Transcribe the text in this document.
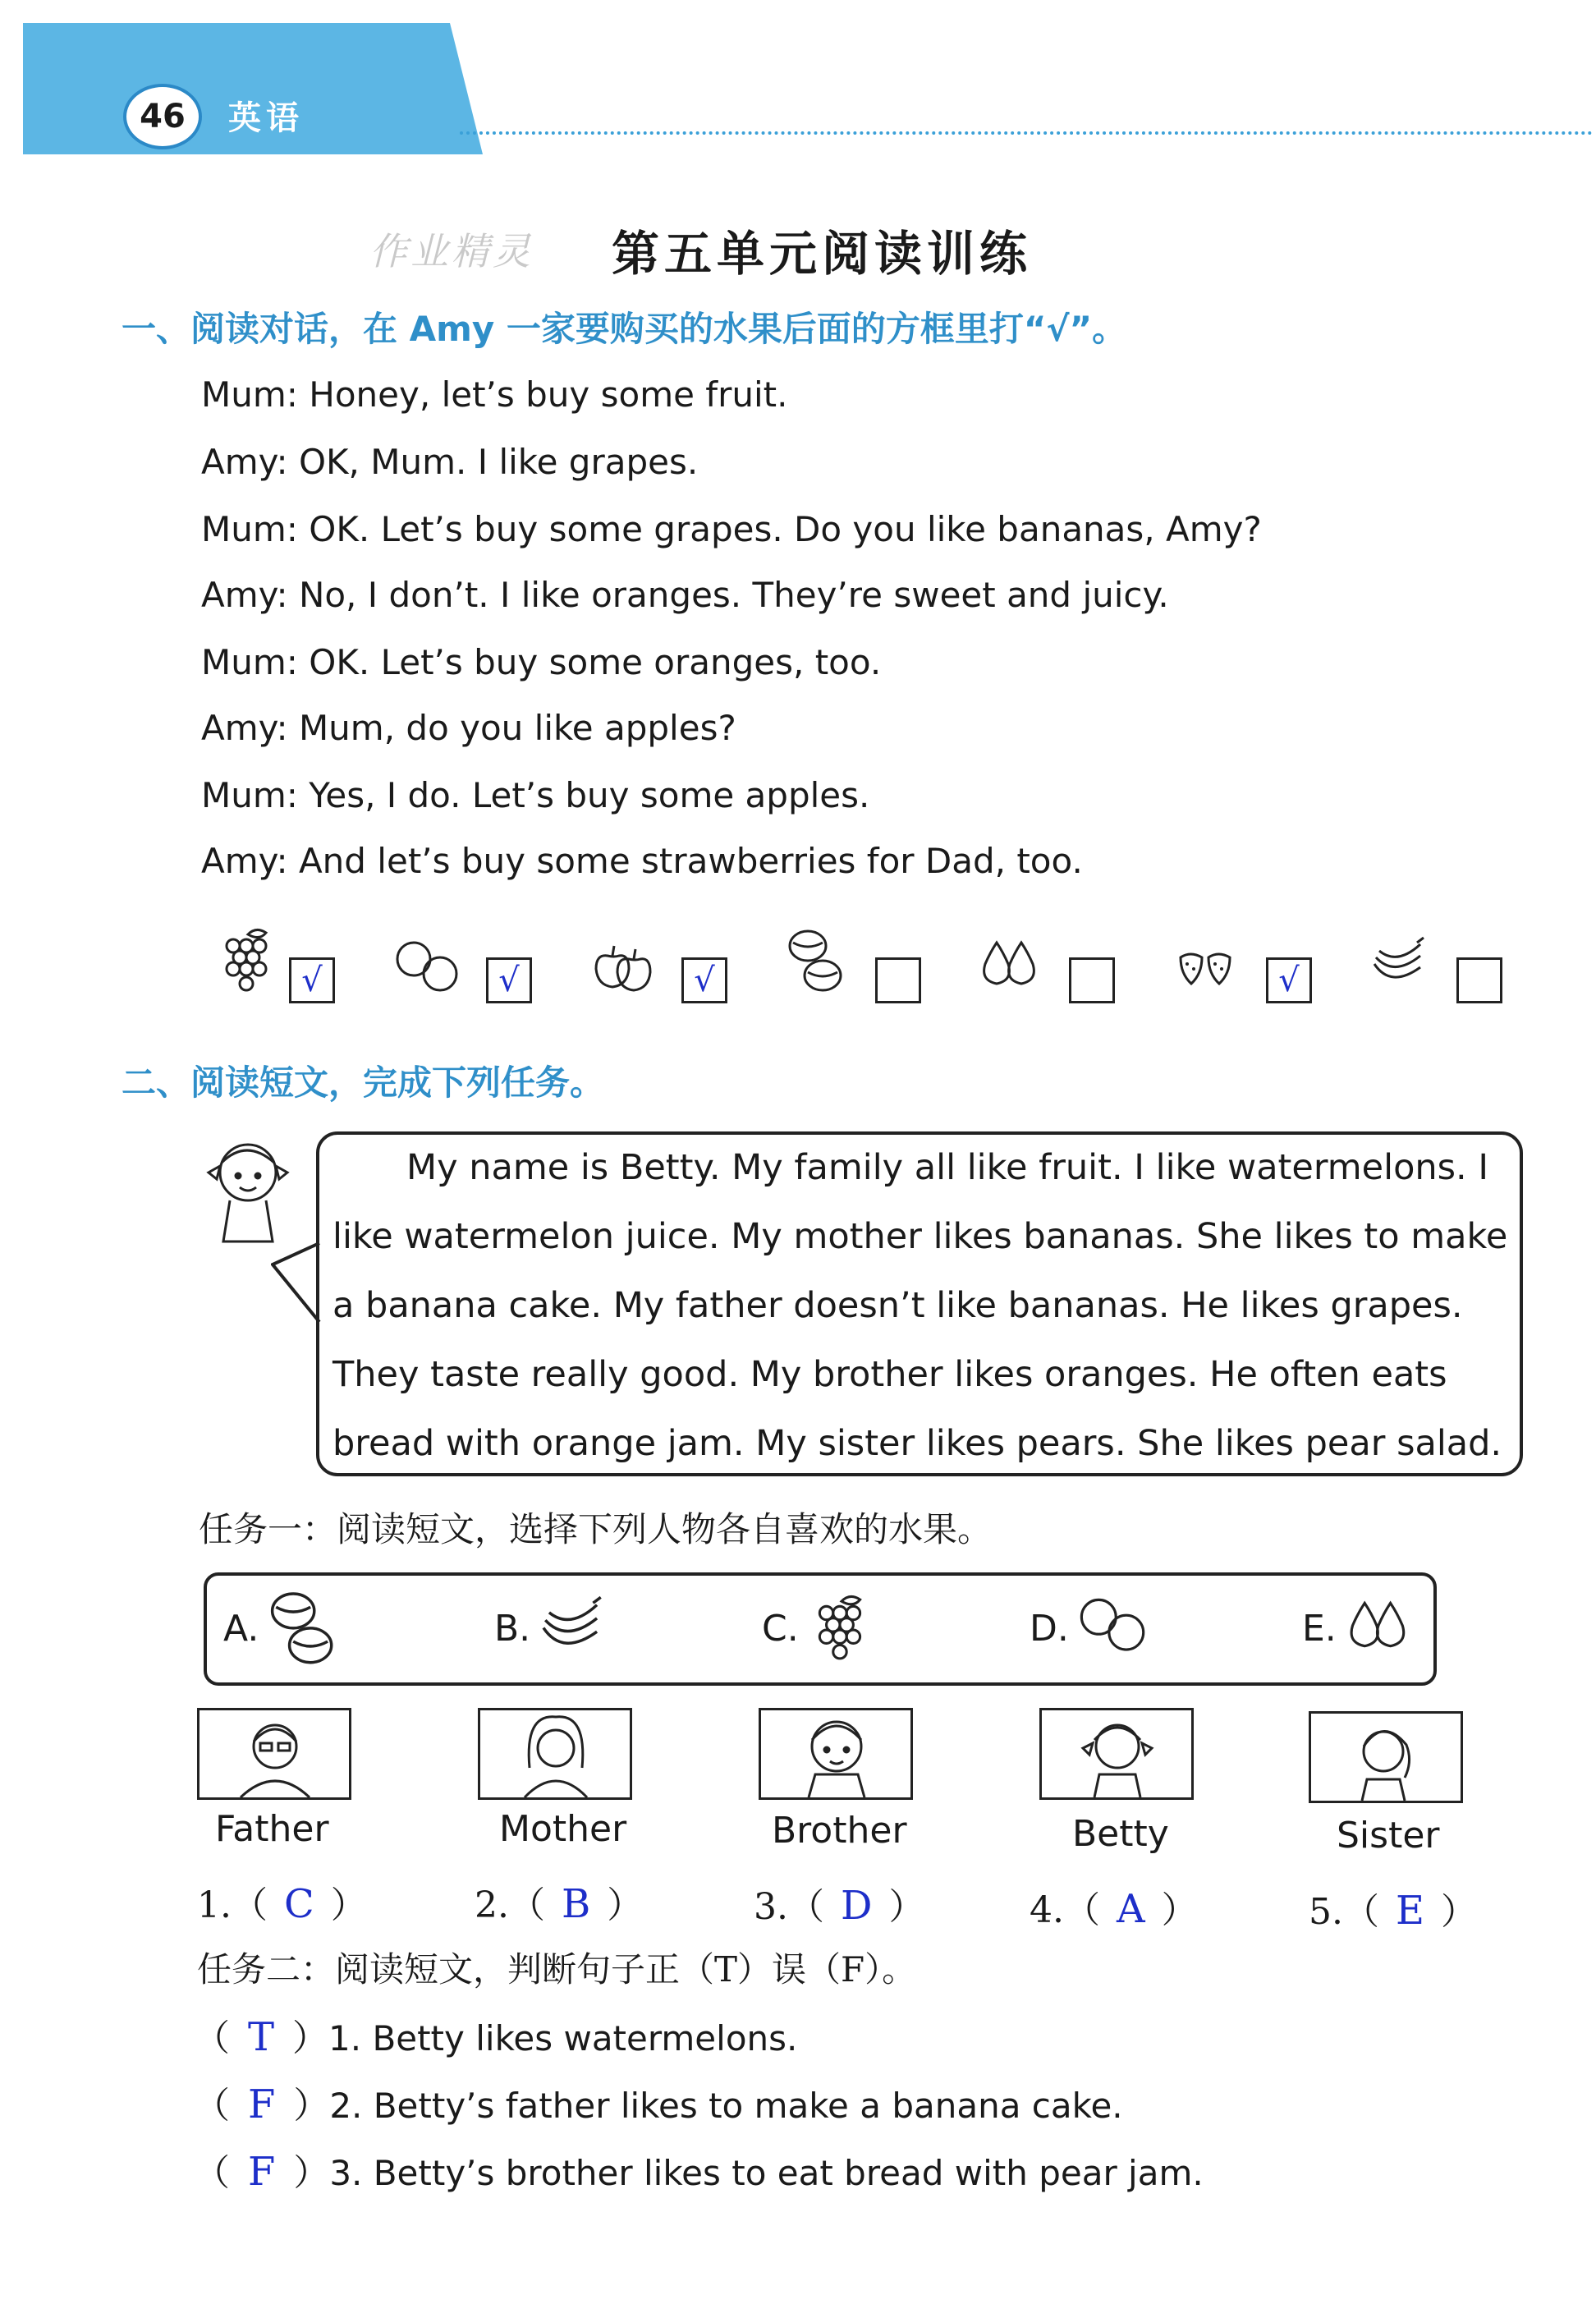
46	英语
作业精灵 第五单元阅读训练
一、阅读对话，在 Amy 一家要购买的水果后面的方框里打“√”。
Mum: Honey, let’s buy some fruit.
Amy: OK, Mum. I like grapes.
Mum: OK. Let’s buy some grapes. Do you like bananas, Amy?
Amy: No, I don’t. I like oranges. They’re sweet and juicy.
Mum: OK. Let’s buy some oranges, too.
Amy: Mum, do you like apples?
Mum: Yes, I do. Let’s buy some apples.
Amy: And let’s buy some strawberries for Dad, too.
√	√	√	√
二、阅读短文，完成下列任务。
My name is Betty. My family all like fruit. I like watermelons. I
like watermelon juice. My mother likes bananas. She likes to make
a banana cake. My father doesn’t like bananas. He likes grapes.
They taste really good. My brother likes oranges. He often eats
bread with orange jam. My sister likes pears. She likes pear salad.
任务一：阅读短文，选择下列人物各自喜欢的水果。
A.	B.	C.	D.	E.
Father	Mother	Brother	Betty	Sister
1.（ C ）	2.（ B ）	3.（ D ）	4.（ A ）	5.（ E ）
任务二：阅读短文，判断句子正（T）误（F）。
（ T ）1. Betty likes watermelons.
（ F ）2. Betty’s father likes to make a banana cake.
（ F ）3. Betty’s brother likes to eat bread with pear jam.
